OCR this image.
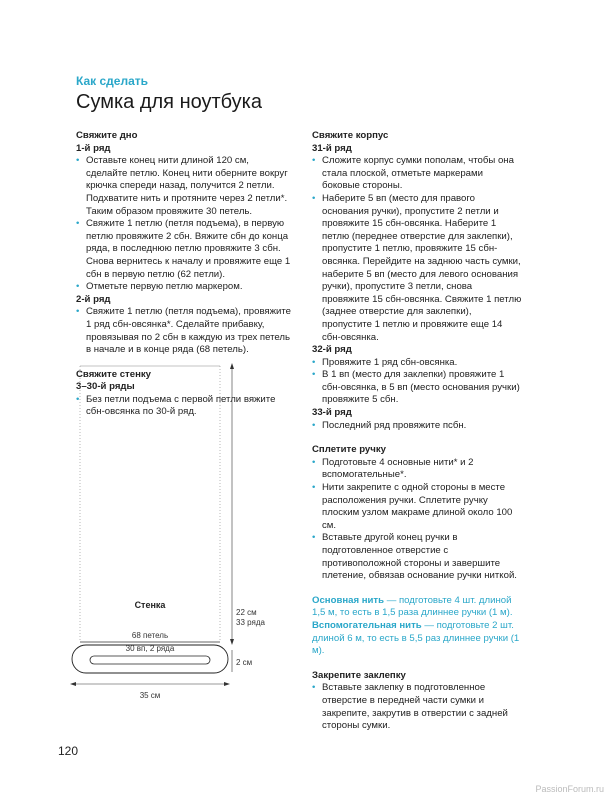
Как сделать
Сумка для ноутбука

Свяжите дно

1-й ряд

• Оставьте конец нити длиной 120 см, сделайте петлю. Конец нити оберните вокруг крючка спереди назад, получится 2 петли. Подхватите нить и протяните через 2 петли*. Таким образом провяжите 30 петель.
• Свяжите 1 петлю (петля подъема), в первую петлю провяжите 2 сбн. Вяжите сбн до конца ряда, в последнюю петлю провяжите 3 сбн. Снова вернитесь к началу и провяжите еще 1 сбн в первую петлю (62 петли).
• Отметьте первую петлю маркером.

2-й ряд

• Свяжите 1 петлю (петля подъема), провяжите 1 ряд сбн-овсянка*. Сделайте прибавку, провязывая по 2 сбн в каждую из трех петель в начале и в конце ряда (68 петель).

Свяжите стенку

3–30-й ряды

• Без петли подъема с первой петли вяжите сбн-овсянка по 30-й ряд.

Свяжите корпус

31-й ряд

• Сложите корпус сумки пополам, чтобы она стала плоской, отметьте маркерами боковые стороны.
• Наберите 5 вп (место для правого основания ручки), пропустите 2 петли и провяжите 15 сбн-овсянка. Наберите 1 петлю (переднее отверстие для заклепки), пропустите 1 петлю, провяжите 15 сбн-овсянка. Перейдите на заднюю часть сумки, наберите 5 вп (место для левого основания ручки), пропустите 3 петли, снова провяжите 15 сбн-овсянка. Свяжите 1 петлю (заднее отверстие для заклепки), пропустите 1 петлю и провяжите еще 14 сбн-овсянка.

32-й ряд

• Провяжите 1 ряд сбн-овсянка.
• В 1 вп (место для заклепки) провяжите 1 сбн-овсянка, в 5 вп (место основания ручки) провяжите 5 сбн.

33-й ряд

• Последний ряд провяжите псбн.

Сплетите ручку

• Подготовьте 4 основные нити* и 2 вспомогательные*.
• Нити закрепите с одной стороны в месте расположения ручки. Сплетите ручку плоским узлом макраме длиной около 100 см.
• Вставьте другой конец ручки в подготовленное отверстие с противоположной стороны и завершите плетение, обвязав основание ручки ниткой.

Основная нить — подготовьте 4 шт. длиной 1,5 м, то есть в 1,5 раза длиннее ручки (1 м).

Вспомогательная нить — подготовьте 2 шт. длиной 6 м, то есть в 5,5 раз длиннее ручки (1 м).

Закрепите заклепку

• Вставьте заклепку в подготовленное отверстие в передней части сумки и закрепите, закрутив в отверстии с задней стороны сумки.
Стенка
68 петель
30 вп, 2 ряда
22 см
33 ряда
2 см
35 см
120
PassionForum.ru
